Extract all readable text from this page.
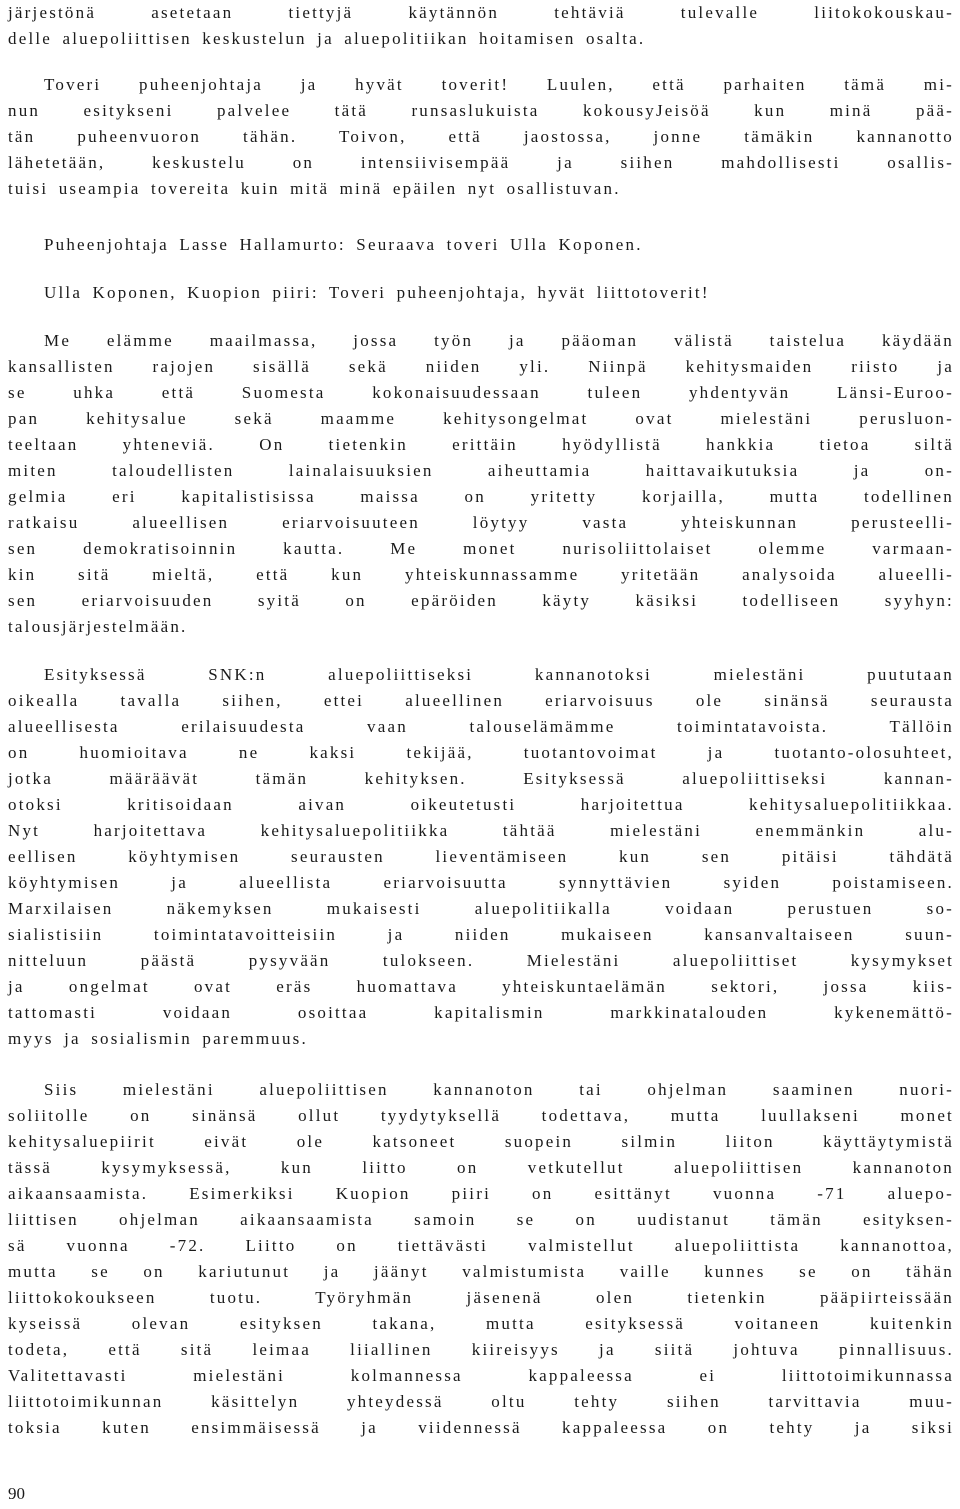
järjestönä asetetaan tiettyjä käytännön tehtäviä tulevalle liitokokouskau-
delle aluepoliittisen keskustelun ja aluepolitiikan hoitamisen osalta.
Toveri puheenjohtaja ja hyvät toverit! Luulen, että parhaiten tämä mi-
nun esitykseni palvelee tätä runsaslukuista kokousyJeisöä kun minä pää-
tän puheenvuoron tähän. Toivon, että jaostossa, jonne tämäkin kannanotto
lähetetään, keskustelu on intensiivisempää ja siihen mahdollisesti osallis-
tuisi useampia tovereita kuin mitä minä epäilen nyt osallistuvan.
Puheenjohtaja Lasse Hallamurto: Seuraava toveri Ulla Koponen.
Ulla Koponen, Kuopion piiri: Toveri puheenjohtaja, hyvät liittotoverit!
Me elämme maailmassa, jossa työn ja pääoman välistä taistelua käydään
kansallisten rajojen sisällä sekä niiden yli. Niinpä kehitysmaiden riisto ja
se uhka että Suomesta kokonaisuudessaan tuleen yhdentyvän Länsi-Euroo-
pan kehitysalue sekä maamme kehitysongelmat ovat mielestäni perusluon-
teeltaan yhteneviä. On tietenkin erittäin hyödyllistä hankkia tietoa siltä
miten taloudellisten lainalaisuuksien aiheuttamia haittavaikutuksia ja on-
gelmia eri kapitalistisissa maissa on yritetty korjailla, mutta todellinen
ratkaisu alueellisen eriarvoisuuteen löytyy vasta yhteiskunnan perusteelli-
sen demokratisoinnin kautta. Me monet nurisoliittolaiset olemme varmaan-
kin sitä mieltä, että kun yhteiskunnassamme yritetään analysoida alueelli-
sen eriarvoisuuden syitä on epäröiden käyty käsiksi todelliseen syyhyn:
talousjärjestelmään.
Esityksessä SNK:n aluepoliittiseksi kannanotoksi mielestäni puututaan
oikealla tavalla siihen, ettei alueellinen eriarvoisuus ole sinänsä seurausta
alueellisesta erilaisuudesta vaan talouselämämme toimintatavoista. Tällöin
on huomioitava ne kaksi tekijää, tuotantovoimat ja tuotanto-olosuhteet,
jotka määräävät tämän kehityksen. Esityksessä aluepoliittiseksi kannan-
otoksi kritisoidaan aivan oikeutetusti harjoitettua kehitysaluepolitiikkaa.
Nyt harjoitettava kehitysaluepolitiikka tähtää mielestäni enemmänkin alu-
eellisen köyhtymisen seurausten lieventämiseen kun sen pitäisi tähdätä
köyhtymisen ja alueellista eriarvoisuutta synnyttävien syiden poistamiseen.
Marxilaisen näkemyksen mukaisesti aluepolitiikalla voidaan perustuen so-
sialistisiin toimintatavoitteisiin ja niiden mukaiseen kansanvaltaiseen suun-
nitteluun päästä pysyvään tulokseen. Mielestäni aluepoliittiset kysymykset
ja ongelmat ovat eräs huomattava yhteiskuntaelämän sektori, jossa kiis-
tattomasti voidaan osoittaa kapitalismin markkinatalouden kykenemättö-
myys ja sosialismin paremmuus.
Siis mielestäni aluepoliittisen kannanoton tai ohjelman saaminen nuori-
soliitolle on sinänsä ollut tyydytyksellä todettava, mutta luullakseni monet
kehitysaluepiirit eivät ole katsoneet suopein silmin liiton käyttäytymistä
tässä kysymyksessä, kun liitto on vetkutellut aluepoliittisen kannanoton
aikaansaamista. Esimerkiksi Kuopion piiri on esittänyt vuonna -71 aluepo-
liittisen ohjelman aikaansaamista samoin se on uudistanut tämän esityksen-
sä vuonna -72. Liitto on tiettävästi valmistellut aluepoliittista kannanottoa,
mutta se on kariutunut ja jäänyt valmistumista vaille kunnes se on tähän
liittokokoukseen tuotu. Työryhmän jäsenenä olen tietenkin pääpiirteissään
kyseissä olevan esityksen takana, mutta esityksessä voitaneen kuitenkin
todeta, että sitä leimaa liiallinen kiireisyys ja siitä johtuva pinnallisuus.
Valitettavasti mielestäni kolmannessa kappaleessa ei liittotoimikunnassa
liittotoimikunnan käsittelyn yhteydessä oltu tehty siihen tarvittavia muu-
toksia kuten ensimmäisessä ja viidennessä kappaleessa on tehty ja siksi
90
